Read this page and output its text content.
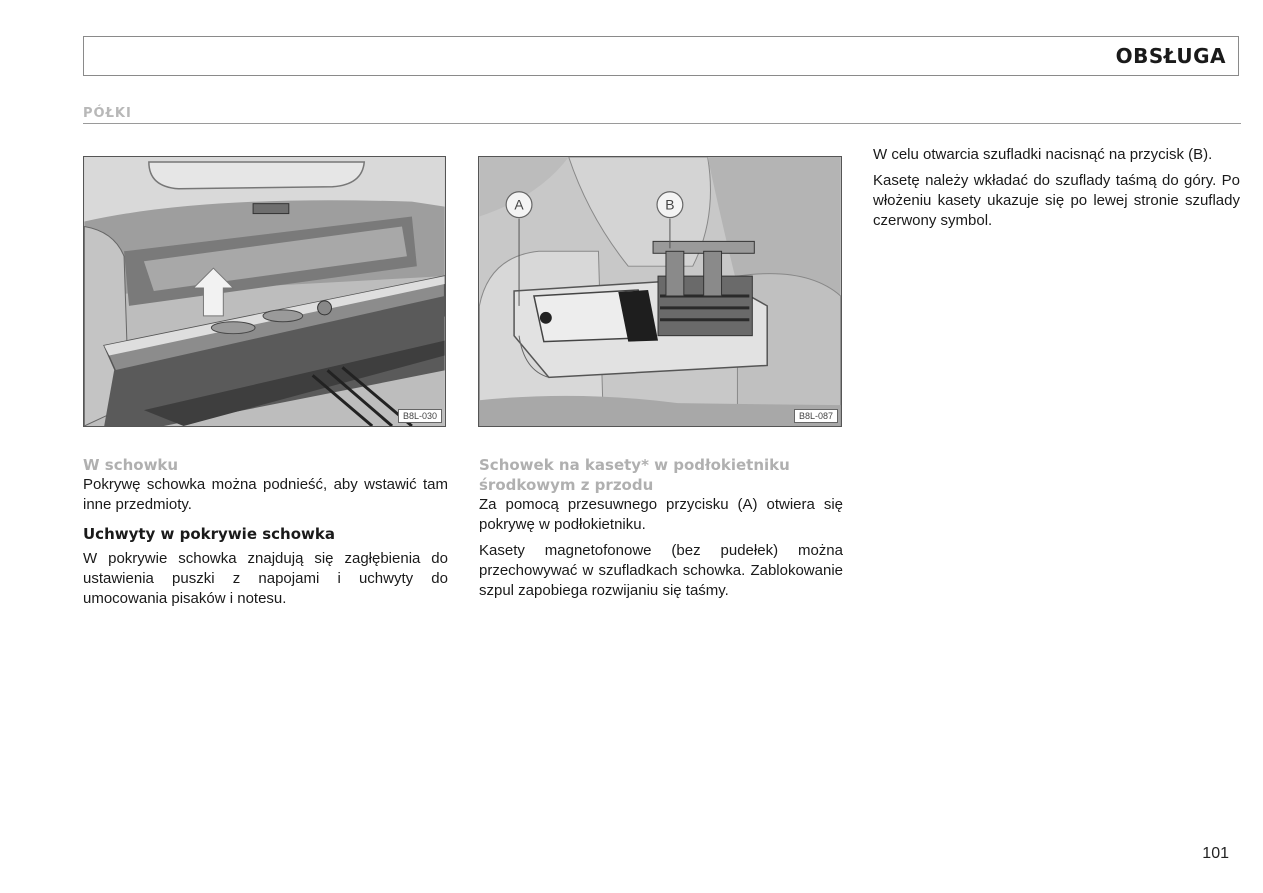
OBSŁUGA
PÓŁKI
B8L-030
A	B
B8L-087
W schowku

Pokrywę schowka można podnieść, aby wstawić tam inne przedmioty.

Uchwyty w pokrywie schowka

W pokrywie schowka znajdują się zagłębienia do ustawienia puszki z napojami i uchwyty do umocowania pisaków i notesu.

Schowek na kasety* w podłokietniku środkowym z przodu

Za pomocą przesuwnego przycisku (A) otwiera się pokrywę w podłokietniku.

Kasety magnetofonowe (bez pudełek) można przechowywać w szufladkach schowka. Zablokowanie szpul zapobiega rozwijaniu się taśmy.

W celu otwarcia szufladki nacisnąć na przycisk (B).

Kasetę należy wkładać do szuflady taśmą do góry. Po włożeniu kasety ukazuje się po lewej stronie szuflady czerwony symbol.

101
